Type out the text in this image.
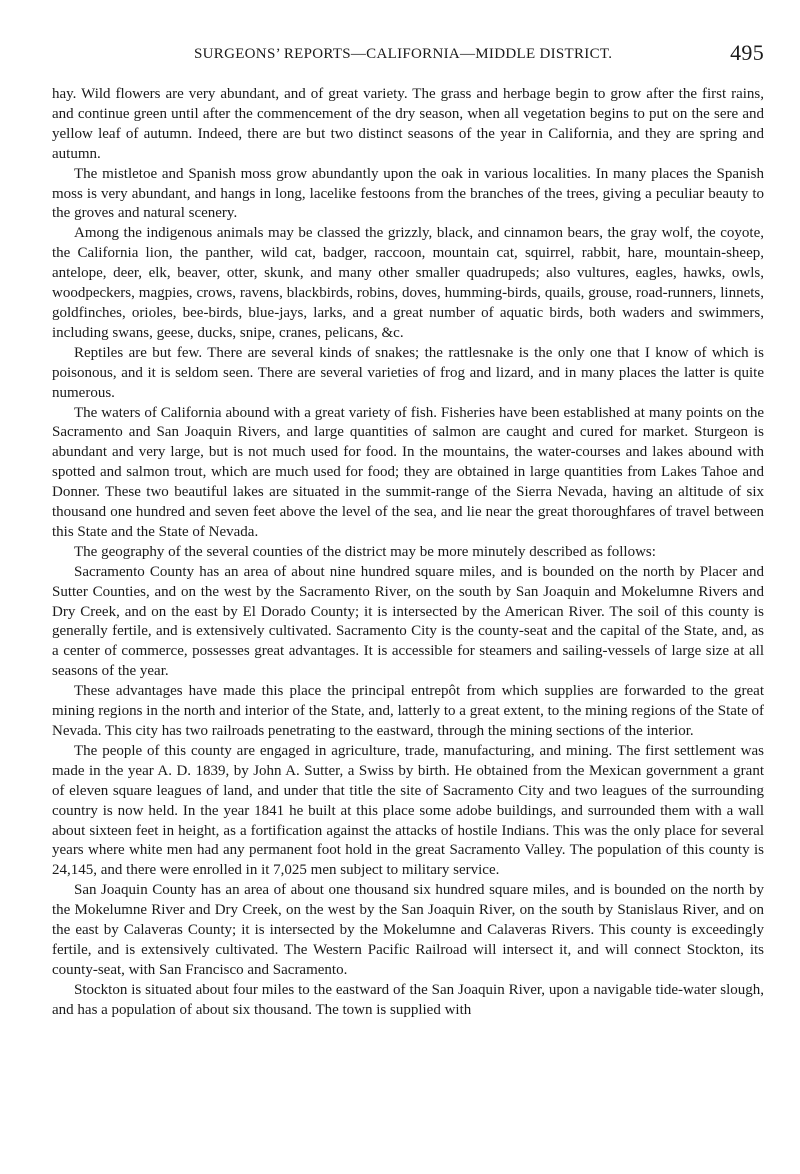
SURGEONS’ REPORTS—CALIFORNIA—MIDDLE DISTRICT.	495

hay. Wild flowers are very abundant, and of great variety. The grass and herbage begin to grow after the first rains, and continue green until after the commencement of the dry season, when all vegetation begins to put on the sere and yellow leaf of autumn. Indeed, there are but two distinct seasons of the year in California, and they are spring and autumn.

The mistletoe and Spanish moss grow abundantly upon the oak in various localities. In many places the Spanish moss is very abundant, and hangs in long, lacelike festoons from the branches of the trees, giving a peculiar beauty to the groves and natural scenery.

Among the indigenous animals may be classed the grizzly, black, and cinnamon bears, the gray wolf, the coyote, the California lion, the panther, wild cat, badger, raccoon, mountain cat, squirrel, rabbit, hare, mountain-sheep, antelope, deer, elk, beaver, otter, skunk, and many other smaller quadrupeds; also vultures, eagles, hawks, owls, woodpeckers, magpies, crows, ravens, blackbirds, robins, doves, humming-birds, quails, grouse, road-runners, linnets, goldfinches, orioles, bee-birds, blue-jays, larks, and a great number of aquatic birds, both waders and swimmers, including swans, geese, ducks, snipe, cranes, pelicans, &c.

Reptiles are but few. There are several kinds of snakes; the rattlesnake is the only one that I know of which is poisonous, and it is seldom seen. There are several varieties of frog and lizard, and in many places the latter is quite numerous.

The waters of California abound with a great variety of fish. Fisheries have been established at many points on the Sacramento and San Joaquin Rivers, and large quantities of salmon are caught and cured for market. Sturgeon is abundant and very large, but is not much used for food. In the mountains, the water-courses and lakes abound with spotted and salmon trout, which are much used for food; they are obtained in large quantities from Lakes Tahoe and Donner. These two beautiful lakes are situated in the summit-range of the Sierra Nevada, having an altitude of six thousand one hundred and seven feet above the level of the sea, and lie near the great thoroughfares of travel between this State and the State of Nevada.

The geography of the several counties of the district may be more minutely described as follows:

Sacramento County has an area of about nine hundred square miles, and is bounded on the north by Placer and Sutter Counties, and on the west by the Sacramento River, on the south by San Joaquin and Mokelumne Rivers and Dry Creek, and on the east by El Dorado County; it is intersected by the American River. The soil of this county is generally fertile, and is extensively cultivated. Sacramento City is the county-seat and the capital of the State, and, as a center of commerce, possesses great advantages. It is accessible for steamers and sailing-vessels of large size at all seasons of the year.

These advantages have made this place the principal entrepôt from which supplies are forwarded to the great mining regions in the north and interior of the State, and, latterly to a great extent, to the mining regions of the State of Nevada. This city has two railroads penetrating to the eastward, through the mining sections of the interior.

The people of this county are engaged in agriculture, trade, manufacturing, and mining. The first settlement was made in the year A. D. 1839, by John A. Sutter, a Swiss by birth. He obtained from the Mexican government a grant of eleven square leagues of land, and under that title the site of Sacramento City and two leagues of the surrounding country is now held. In the year 1841 he built at this place some adobe buildings, and surrounded them with a wall about sixteen feet in height, as a fortification against the attacks of hostile Indians. This was the only place for several years where white men had any permanent foot hold in the great Sacramento Valley. The population of this county is 24,145, and there were enrolled in it 7,025 men subject to military service.

San Joaquin County has an area of about one thousand six hundred square miles, and is bounded on the north by the Mokelumne River and Dry Creek, on the west by the San Joaquin River, on the south by Stanislaus River, and on the east by Calaveras County; it is intersected by the Mokelumne and Calaveras Rivers. This county is exceedingly fertile, and is extensively cultivated. The Western Pacific Railroad will intersect it, and will connect Stockton, its county-seat, with San Francisco and Sacramento.

Stockton is situated about four miles to the eastward of the San Joaquin River, upon a navigable tide-water slough, and has a population of about six thousand. The town is supplied with
